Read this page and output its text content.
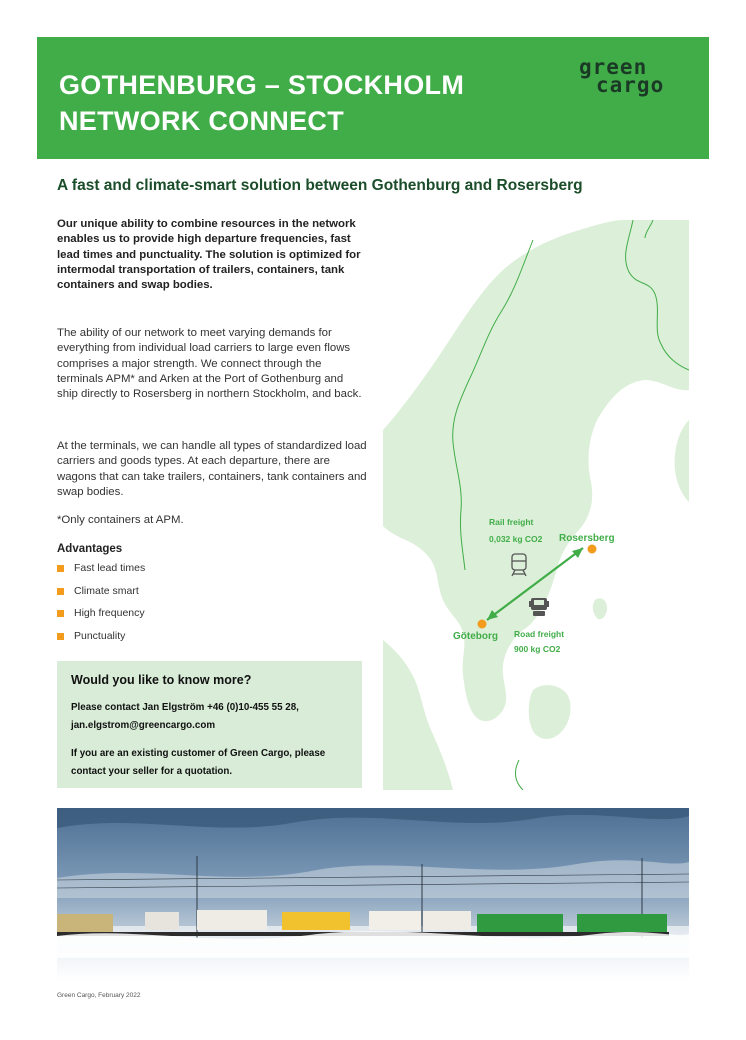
GOTHENBURG – STOCKHOLM
NETWORK CONNECT
green
cargo
A fast and climate-smart solution between Gothenburg and Rosersberg

Our unique ability to combine resources in the network enables us to provide high departure frequencies, fast lead times and punctuality. The solution is optimized for intermodal transportation of trailers, containers, tank containers and swap bodies.

The ability of our network to meet varying demands for everything from individual load carriers to large even flows comprises a major strength. We connect through the terminals APM* and Arken at the Port of Gothenburg and ship directly to Rosersberg in northern Stockholm, and back.

At the terminals, we can handle all types of standardized load carriers and goods types. At each departure, there are wagons that can take trailers, containers, tank containers and swap bodies.

*Only containers at APM.

Advantages
Fast lead times
Climate smart
High frequency
Punctuality

Would you like to know more?

Please contact Jan Elgström +46 (0)10-455 55 28, jan.elgstrom@greencargo.com

If you are an existing customer of Green Cargo, please contact your seller for a quotation.

Rail freight
0,032 kg CO2 Rosersberg
Göteborg Road freight
900 kg CO2

Green Cargo, February 2022
